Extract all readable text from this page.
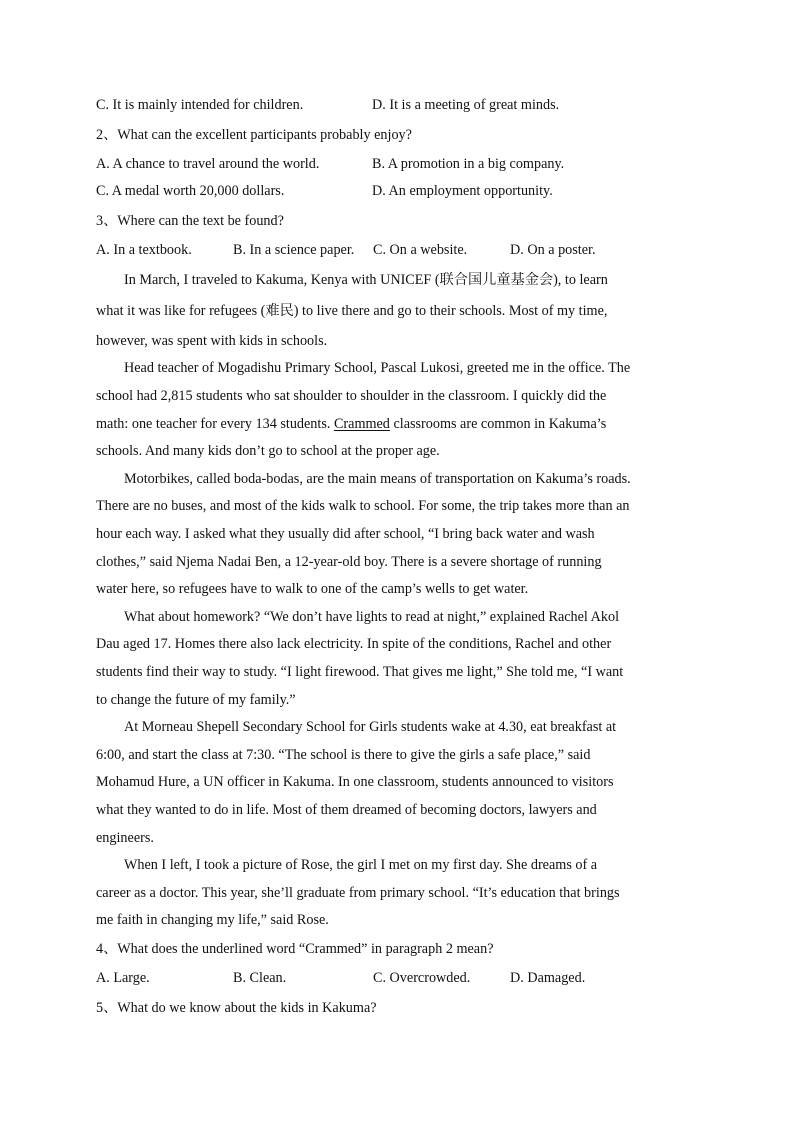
C. It is mainly intended for children.	D. It is a meeting of great minds.
2、What can the excellent participants probably enjoy?
A. A chance to travel around the world.	B. A promotion in a big company.
C. A medal worth 20,000 dollars.	D. An employment opportunity.
3、Where can the text be found?
A. In a textbook.	B. In a science paper. C. On a website.	D. On a poster.
In March, I traveled to Kakuma, Kenya with UNICEF (联合国儿童基金会), to learn
what it was like for refugees (难民) to live there and go to their schools. Most of my time,
however, was spent with kids in schools.
Head teacher of Mogadishu Primary School, Pascal Lukosi, greeted me in the office. The
school had 2,815 students who sat shoulder to shoulder in the classroom. I quickly did the
math: one teacher for every 134 students. Crammed classrooms are common in Kakuma’s
schools. And many kids don’t go to school at the proper age.
Motorbikes, called boda-bodas, are the main means of transportation on Kakuma’s roads.
There are no buses, and most of the kids walk to school. For some, the trip takes more than an
hour each way. I asked what they usually did after school, “I bring back water and wash
clothes,” said Njema Nadai Ben, a 12-year-old boy. There is a severe shortage of running
water here, so refugees have to walk to one of the camp’s wells to get water.
What about homework? “We don’t have lights to read at night,” explained Rachel Akol
Dau aged 17. Homes there also lack electricity. In spite of the conditions, Rachel and other
students find their way to study. “I light firewood. That gives me light,” She told me, “I want
to change the future of my family.”
At Morneau Shepell Secondary School for Girls students wake at 4.30, eat breakfast at
6:00, and start the class at 7:30. “The school is there to give the girls a safe place,” said
Mohamud Hure, a UN officer in Kakuma. In one classroom, students announced to visitors
what they wanted to do in life. Most of them dreamed of becoming doctors, lawyers and
engineers.
When I left, I took a picture of Rose, the girl I met on my first day. She dreams of a
career as a doctor. This year, she’ll graduate from primary school. “It’s education that brings
me faith in changing my life,” said Rose.
4、What does the underlined word “Crammed” in paragraph 2 mean?
A. Large.	B. Clean.	C. Overcrowded.	D. Damaged.
5、What do we know about the kids in Kakuma?
